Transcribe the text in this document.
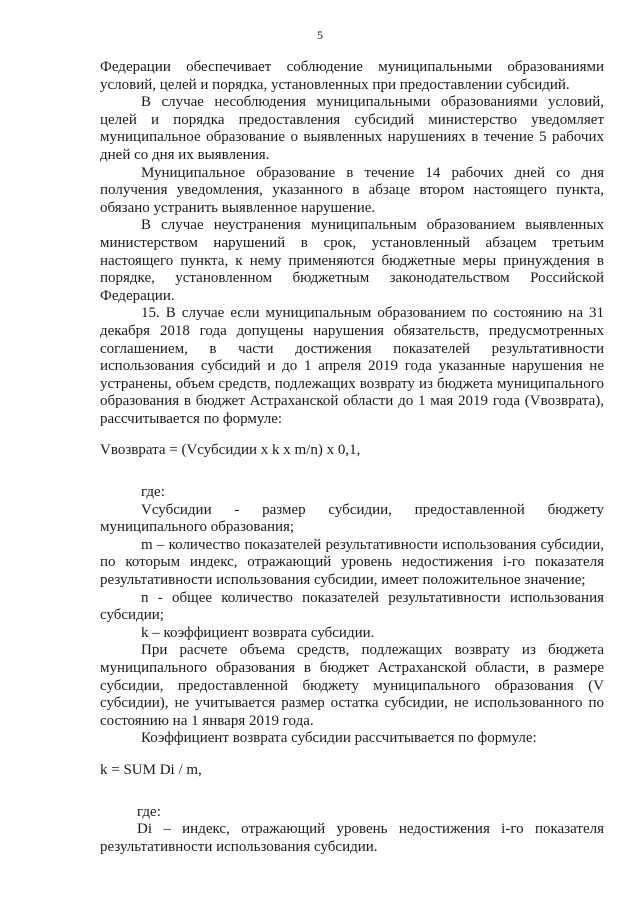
5

Федерации обеспечивает соблюдение муниципальными образованиями условий, целей и порядка, установленных при предоставлении субсидий.

В случае несоблюдения муниципальными образованиями условий, целей и порядка предоставления субсидий министерство уведомляет муниципальное образование о выявленных нарушениях в течение 5 рабочих дней со дня их выявления.

Муниципальное образование в течение 14 рабочих дней со дня получения уведомления, указанного в абзаце втором настоящего пункта, обязано устранить выявленное нарушение.

В случае неустранения муниципальным образованием выявленных министерством нарушений в срок, установленный абзацем третьим настоящего пункта, к нему применяются бюджетные меры принуждения в порядке, установленном бюджетным законодательством Российской Федерации.

15. В случае если муниципальным образованием по состоянию на 31 декабря 2018 года допущены нарушения обязательств, предусмотренных соглашением, в части достижения показателей результативности использования субсидий и до 1 апреля 2019 года указанные нарушения не устранены, объем средств, подлежащих возврату из бюджета муниципального образования в бюджет Астраханской области до 1 мая 2019 года (Vвозврата), рассчитывается по формуле:

Vвозврата = (Vсубсидии x k x m/n) x 0,1,

где:

Vсубсидии - размер субсидии, предоставленной бюджету муниципального образования;

m – количество показателей результативности использования субсидии, по которым индекс, отражающий уровень недостижения i-го показателя результативности использования субсидии, имеет положительное значение;

n - общее количество показателей результативности использования субсидии;

k – коэффициент возврата субсидии.

При расчете объема средств, подлежащих возврату из бюджета муниципального образования в бюджет Астраханской области, в размере субсидии, предоставленной бюджету муниципального образования (V субсидии), не учитывается размер остатка субсидии, не использованного по состоянию на 1 января 2019 года.

Коэффициент возврата субсидии рассчитывается по формуле:

k = SUM Di / m,

где:

Di – индекс, отражающий уровень недостижения i-го показателя результативности использования субсидии.
